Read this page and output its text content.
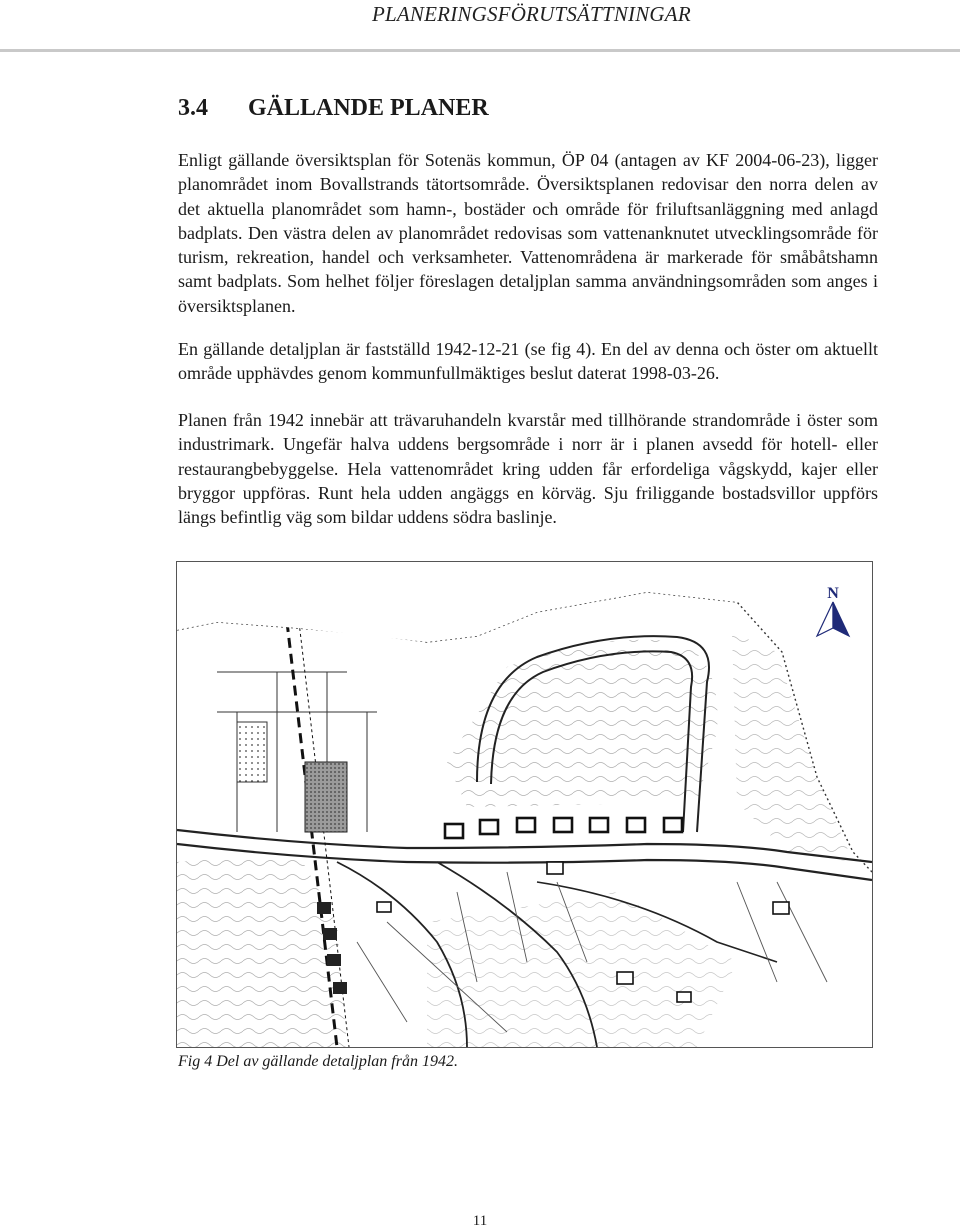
PLANERINGSFÖRUTSÄTTNINGAR
3.4 GÄLLANDE PLANER

Enligt gällande översiktsplan för Sotenäs kommun, ÖP 04 (antagen av KF 2004-06-23), ligger planområdet inom Bovallstrands tätortsområde. Översiktsplanen redovisar den norra delen av det aktuella planområdet som hamn-, bostäder och område för friluftsanläggning med anlagd badplats. Den västra delen av planområdet redovisas som vattenanknutet utvecklingsområde för turism, rekreation, handel och verksamheter. Vattenområdena är markerade för småbåtshamn samt badplats. Som helhet följer föreslagen detaljplan samma användningsområden som anges i översiktsplanen.

En gällande detaljplan är fastställd 1942-12-21 (se fig 4). En del av denna och öster om aktuellt område upphävdes genom kommunfullmäktiges beslut daterat 1998-03-26.

Planen från 1942 innebär att trävaruhandeln kvarstår med tillhörande strandområde i öster som industrimark. Ungefär halva uddens bergsområde i norr är i planen avsedd för hotell- eller restaurangbebyggelse. Hela vattenområdet kring udden får erfordeliga vågskydd, kajer eller bryggor uppföras. Runt hela udden angäggs en körväg. Sju friliggande bostadsvillor uppförs längs befintlig väg som bildar uddens södra baslinje.

N
Fig 4 Del av gällande detaljplan från 1942.
11
